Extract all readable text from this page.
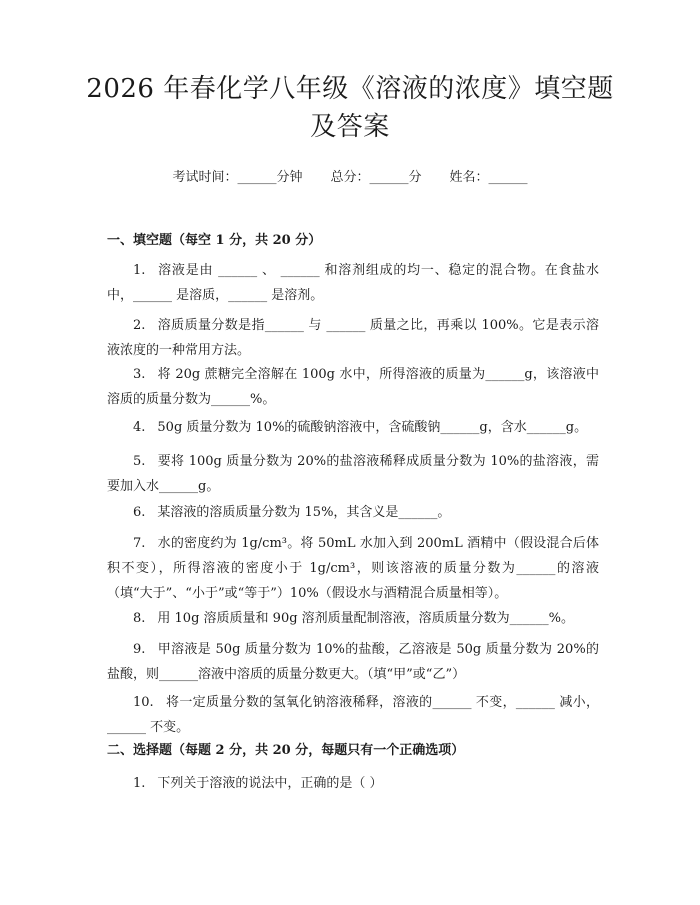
2026 年春化学八年级《溶液的浓度》填空题
及答案
考试时间：______分钟 总分：______分 姓名：______
一、填空题（每空 1 分，共 20 分）
1. 溶液是由 ______ 、 ______ 和溶剂组成的均一、稳定的混合物。在食盐水中，______ 是溶质，______ 是溶剂。
2. 溶质质量分数是指______ 与 ______ 质量之比，再乘以 100%。它是表示溶液浓度的一种常用方法。
3. 将 20g 蔗糖完全溶解在 100g 水中，所得溶液的质量为______g，该溶液中溶质的质量分数为______%。
4. 50g 质量分数为 10%的硫酸钠溶液中，含硫酸钠______g，含水______g。
5. 要将 100g 质量分数为 20%的盐溶液稀释成质量分数为 10%的盐溶液，需要加入水______g。
6. 某溶液的溶质质量分数为 15%，其含义是______。
7. 水的密度约为 1g/cm³。将 50mL 水加入到 200mL 酒精中（假设混合后体积不变），所得溶液的密度小于 1g/cm³，则该溶液的质量分数为______的溶液（填“大于”、“小于”或“等于”）10%（假设水与酒精混合质量相等）。
8. 用 10g 溶质质量和 90g 溶剂质量配制溶液，溶质质量分数为______%。
9. 甲溶液是 50g 质量分数为 10%的盐酸，乙溶液是 50g 质量分数为 20%的盐酸，则______溶液中溶质的质量分数更大。（填“甲”或“乙”）
10. 将一定质量分数的氢氧化钠溶液稀释，溶液的______ 不变，______ 减小，______ 不变。
二、选择题（每题 2 分，共 20 分，每题只有一个正确选项）
1. 下列关于溶液的说法中，正确的是（ ）
